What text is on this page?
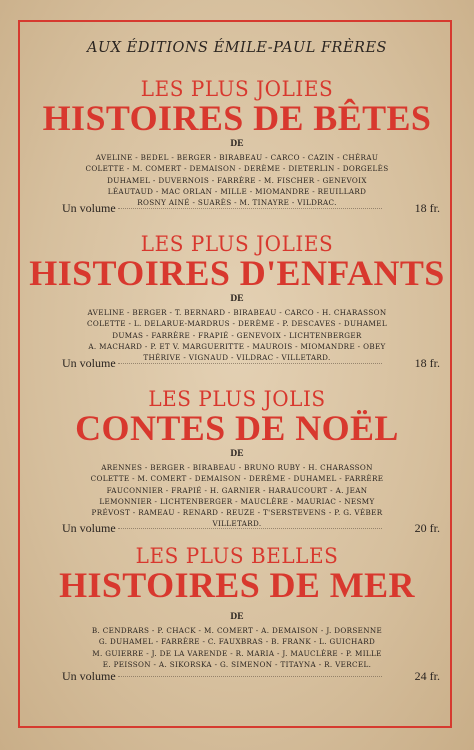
AUX ÉDITIONS ÉMILE-PAUL FRÈRES
LES PLUS JOLIES
HISTOIRES DE BÊTES
DE
AVELINE - BEDEL - BERGER - BIRABEAU - CARCO - CAZIN - CHÉRAU
COLETTE - M. COMERT - DEMAISON - DERÈME - DIETERLIN - DORGELÈS
DUHAMEL - DUVERNOIS - FARRÈRE - M. FISCHER - GENEVOIX
LÉAUTAUD - MAC ORLAN - MILLE - MIOMANDRE - REUILLARD
ROSNY AINÉ - SUARÈS - M. TINAYRE - VILDRAC.
Un volume	18 fr.
LES PLUS JOLIES
HISTOIRES D'ENFANTS
DE
AVELINE - BERGER - T. BERNARD - BIRABEAU - CARCO - H. CHARASSON
COLETTE - L. DELARUE-MARDRUS - DERÈME - P. DESCAVES - DUHAMEL
DUMAS - FARRÈRE - FRAPIÉ - GENEVOIX - LICHTENBERGER
A. MACHARD - P. ET V. MARGUERITTE - MAUROIS - MIOMANDRE - OBEY
THÉRIVE - VIGNAUD - VILDRAC - VILLETARD.
Un volume	18 fr.
LES PLUS JOLIS
CONTES DE NOËL
DE
ARENNES - BERGER - BIRABEAU - BRUNO RUBY - H. CHARASSON
COLETTE - M. COMERT - DEMAISON - DERÈME - DUHAMEL - FARRÈRE
FAUCONNIER - FRAPIÉ - H. GARNIER - HARAUCOURT - A. JEAN
LEMONNIER - LICHTENBERGER - MAUCLÈRE - MAURIAC - NESMY
PRÉVOST - RAMEAU - RENARD - REUZE - T'SERSTEVENS - P. G. VÉBER
VILLETARD.
Un volume	20 fr.
LES PLUS BELLES
HISTOIRES DE MER
DE
B. CENDRARS - P. CHACK - M. COMERT - A. DEMAISON - J. DORSENNE
G. DUHAMEL - FARRÈRE - C. FAUXBRAS - B. FRANK - L. GUICHARD
M. GUIERRE - J. DE LA VARENDE - R. MARIA - J. MAUCLÈRE - P. MILLE
E. PEISSON - A. SIKORSKA - G. SIMENON - TITAYNA - R. VERCEL.
Un volume	24 fr.
